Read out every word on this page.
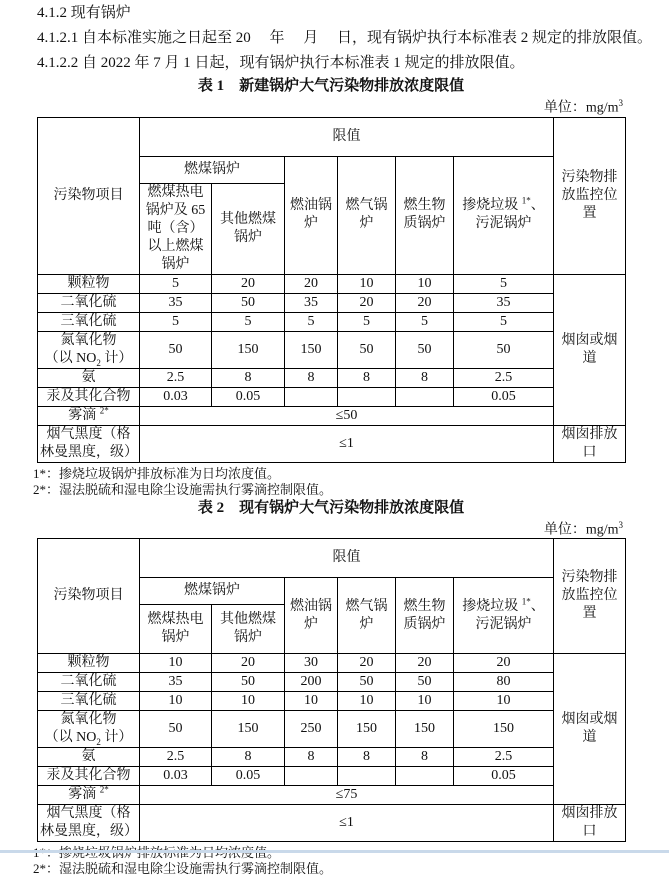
4.1.2 现有锅炉

4.1.2.1 自本标准实施之日起至 20　 年　 月　 日，现有锅炉执行本标准表 2 规定的排放限值。

4.1.2.2 自 2022 年 7 月 1 日起，现有锅炉执行本标准表 1 规定的排放限值。

表 1　新建锅炉大气污染物排放浓度限值
单位：$mg/m^3$
污染物项目	限值						污染物排放监控位置
	燃煤锅炉		燃油锅炉	燃气锅炉	燃生物质锅炉	掺烧垃圾 $^{1*}$、污泥锅炉	
	燃煤热电锅炉及 65 吨（含）以上燃煤锅炉	其他燃煤锅炉					
颗粒物	5	20	20	10	10	5	烟囱或烟道
二氧化硫	35	50	35	20	20	35	
三氧化硫	5	5	5	5	5	5	

氮氧化物
（以 $NO_2$ 计）	50	150	150	50	50	50	
氨	2.5	8	8	8	8	2.5	
汞及其化合物	0.03	0.05				0.05	
雾滴 $^{2*}$	≤50						

烟气黑度（格
林曼黑度，级）	≤1						烟囱排放口
1*：掺烧垃圾锅炉排放标准为日均浓度值。
2*：湿法脱硫和湿电除尘设施需执行雾滴控制限值。
表 2　现有锅炉大气污染物排放浓度限值
单位：$mg/m^3$
污染物项目	限值						污染物排放监控位置
	燃煤锅炉		燃油锅炉	燃气锅炉	燃生物质锅炉	掺烧垃圾 $^{1*}$、污泥锅炉	
	燃煤热电锅炉	其他燃煤锅炉					
颗粒物	10	20	30	20	20	20	烟囱或烟道
二氧化硫	35	50	200	50	50	80	
三氧化硫	10	10	10	10	10	10	

氮氧化物
（以 $NO_2$ 计）	50	150	250	150	150	150	
氨	2.5	8	8	8	8	2.5	
汞及其化合物	0.03	0.05				0.05	
雾滴 $^{2*}$	≤75						

烟气黑度（格
林曼黑度，级）	≤1						烟囱排放口
2*：湿法脱硫和湿电除尘设施需执行雾滴控制限值。
